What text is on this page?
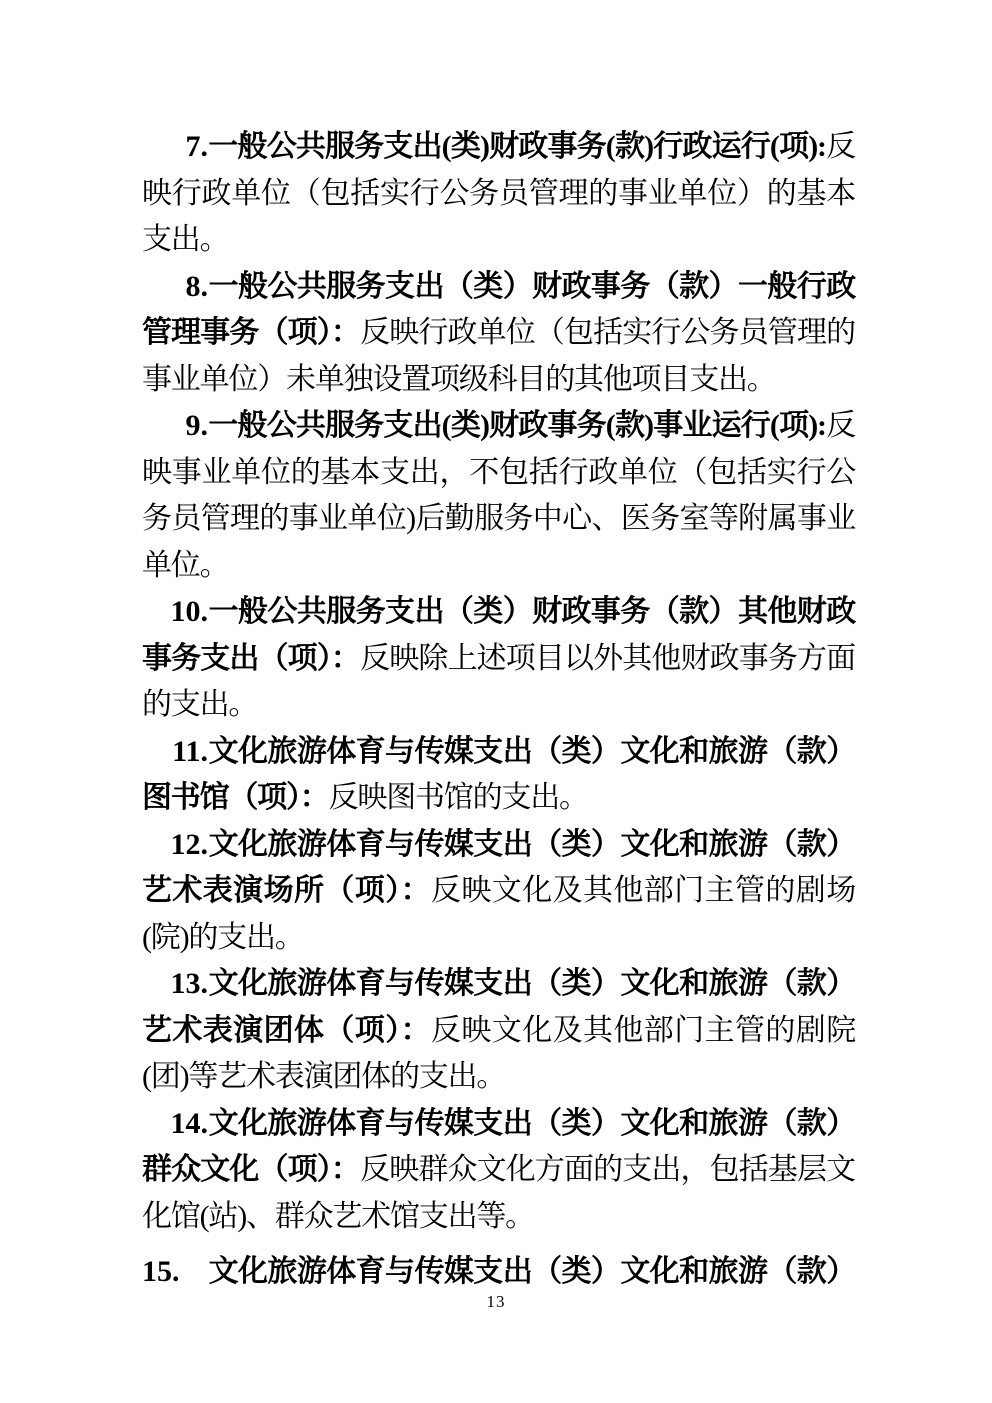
7.一般公共服务支出(类)财政事务(款)行政运行(项):反映行政单位（包括实行公务员管理的事业单位）的基本支出。

8.一般公共服务支出（类）财政事务（款）一般行政管理事务（项）：反映行政单位（包括实行公务员管理的事业单位）未单独设置项级科目的其他项目支出。

9.一般公共服务支出(类)财政事务(款)事业运行(项):反映事业单位的基本支出，不包括行政单位（包括实行公务员管理的事业单位)后勤服务中心、医务室等附属事业单位。

10.一般公共服务支出（类）财政事务（款）其他财政事务支出（项）：反映除上述项目以外其他财政事务方面的支出。

11.文化旅游体育与传媒支出（类）文化和旅游（款）图书馆（项）：反映图书馆的支出。

12.文化旅游体育与传媒支出（类）文化和旅游（款）艺术表演场所（项）：反映文化及其他部门主管的剧场(院)的支出。

13.文化旅游体育与传媒支出（类）文化和旅游（款）艺术表演团体（项）：反映文化及其他部门主管的剧院(团)等艺术表演团体的支出。

14.文化旅游体育与传媒支出（类）文化和旅游（款）群众文化（项）：反映群众文化方面的支出，包括基层文化馆(站)、群众艺术馆支出等。

15. 文化旅游体育与传媒支出（类）文化和旅游（款）

13
